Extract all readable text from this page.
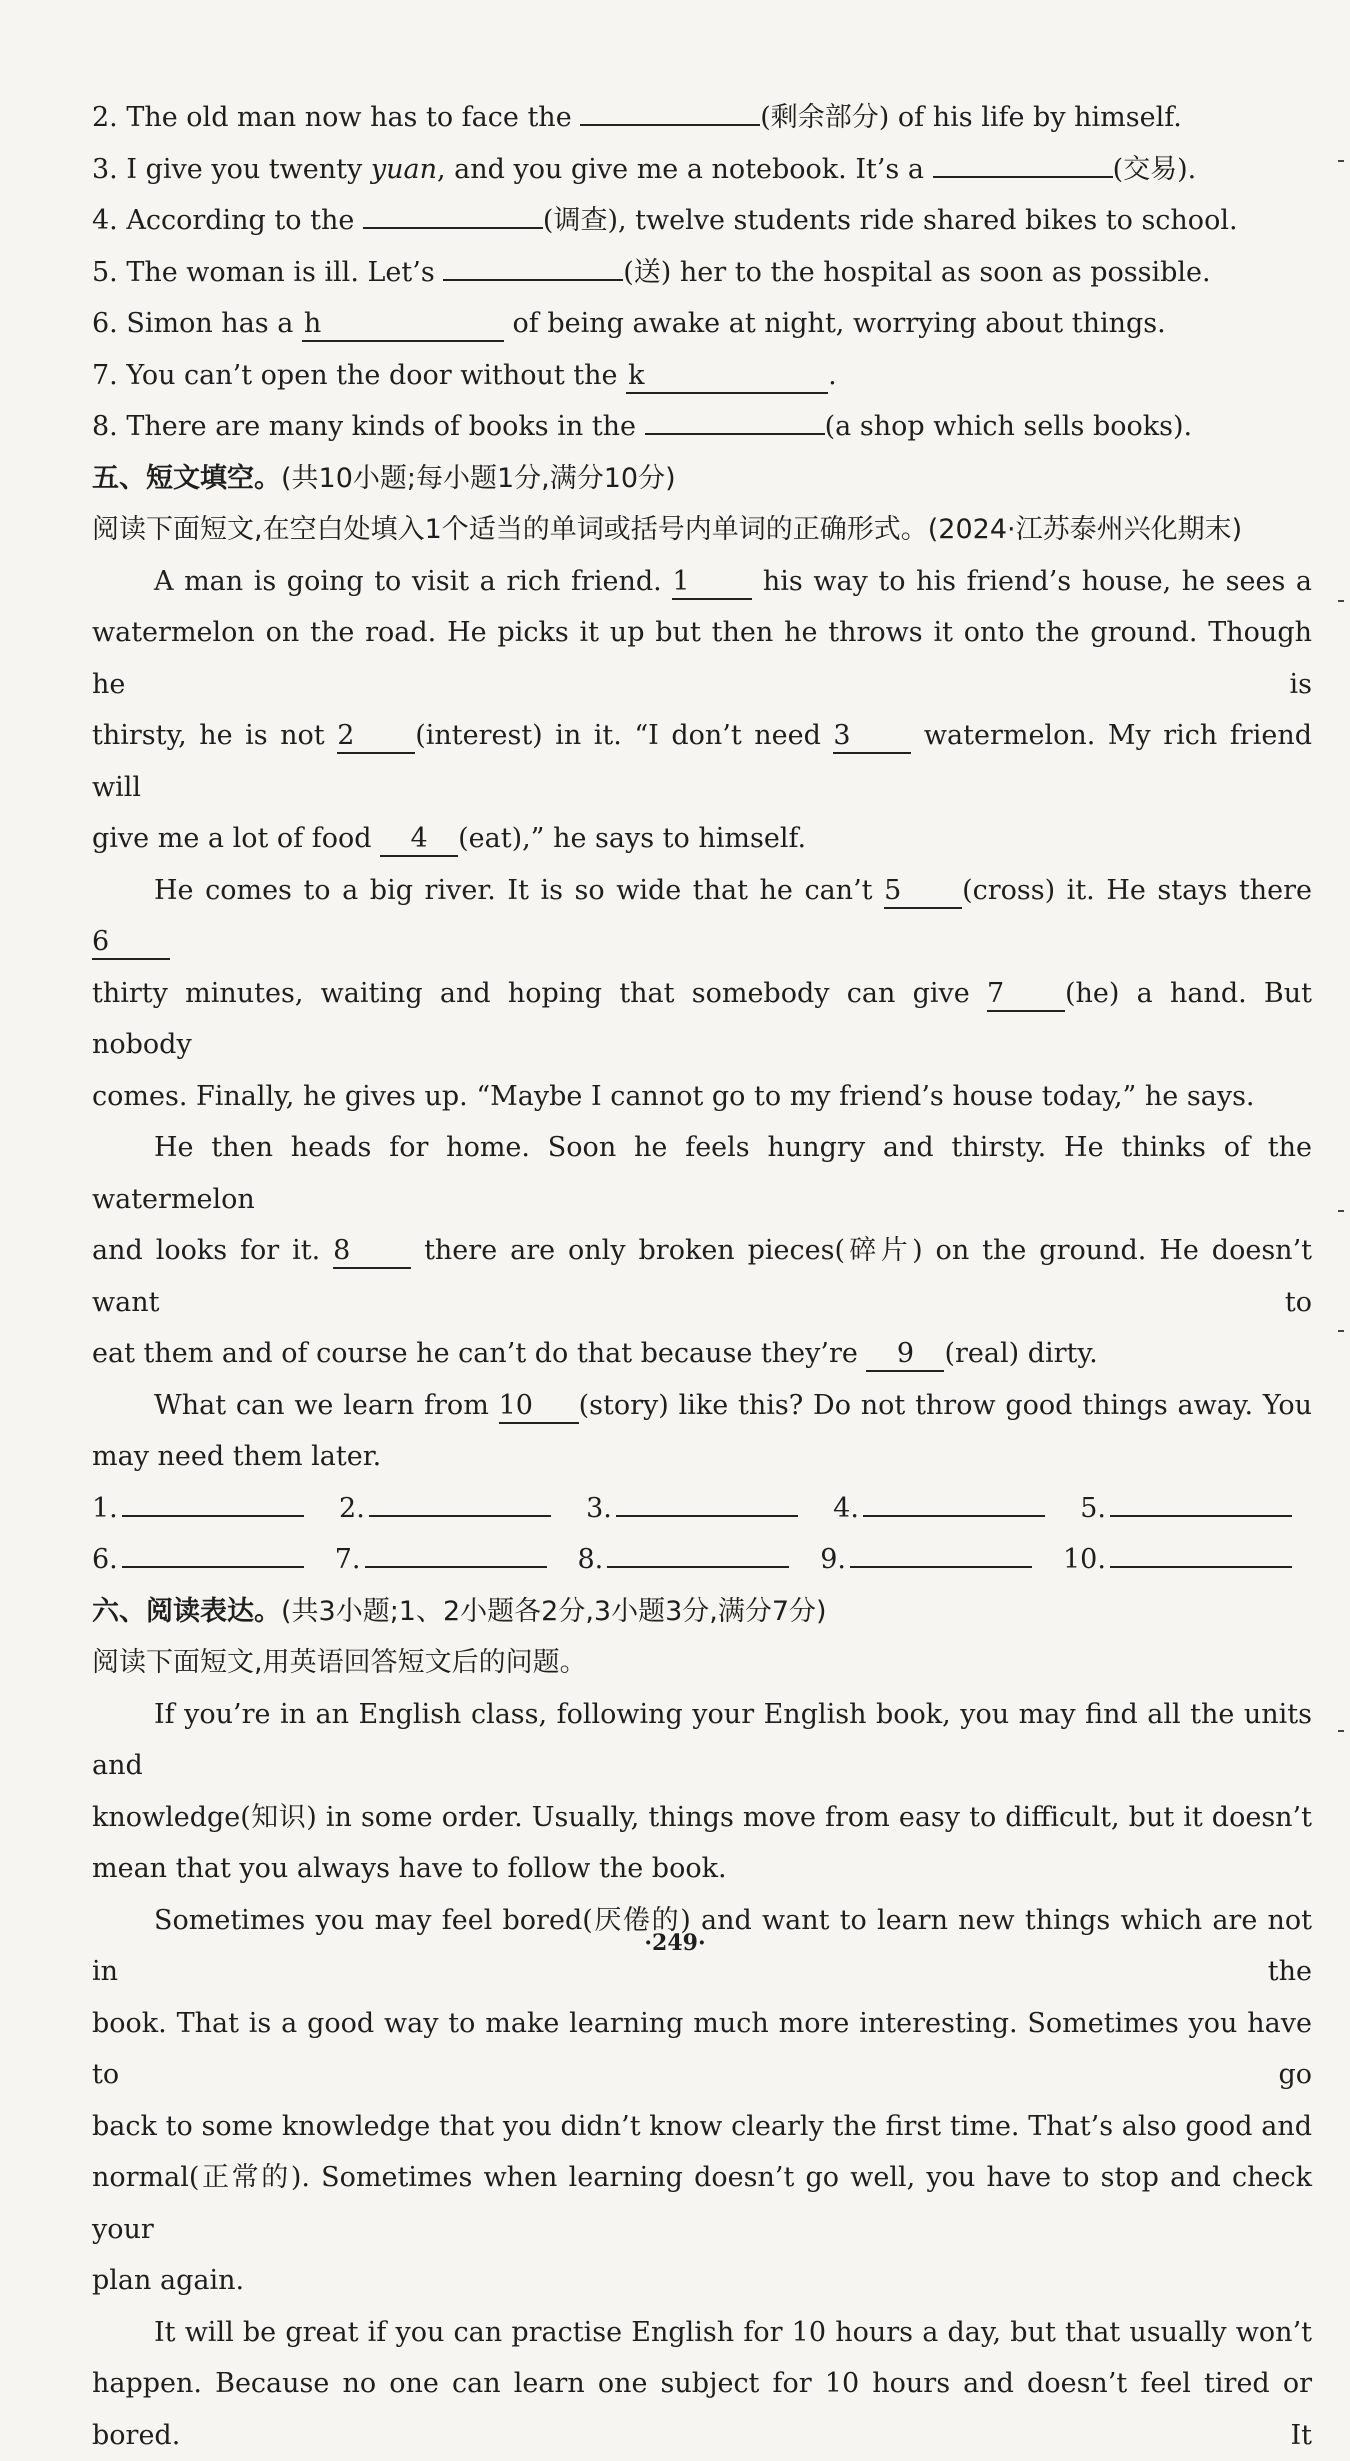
2. The old man now has to face the	(剩余部分) of his life by himself.
3. I give you twenty yuan, and you give me a notebook. It’s a	(交易).
4. According to the	(调查), twelve students ride shared bikes to school.
5. The woman is ill. Let’s	(送) her to the hospital as soon as possible.
6. Simon has a h	of being awake at night, worrying about things.
7. You can’t open the door without the k	.
8. There are many kinds of books in the	(a shop which sells books).
五、短文填空。(共10小题;每小题1分,满分10分)
阅读下面短文,在空白处填入1个适当的单词或括号内单词的正确形式。(2024·江苏泰州兴化期末)
A man is going to visit a rich friend. 1 his way to his friend’s house, he sees a
watermelon on the road. He picks it up but then he throws it onto the ground. Though he is
thirsty, he is not 2 (interest) in it. “I don’t need 3 watermelon. My rich friend will
give me a lot of food 4 (eat),” he says to himself.
He comes to a big river. It is so wide that he can’t 5 (cross) it. He stays there 6
thirty minutes, waiting and hoping that somebody can give 7 (he) a hand. But nobody
comes. Finally, he gives up. “Maybe I cannot go to my friend’s house today,” he says.
He then heads for home. Soon he feels hungry and thirsty. He thinks of the watermelon
and looks for it. 8 there are only broken pieces(碎片) on the ground. He doesn’t want to
eat them and of course he can’t do that because they’re 9 (real) dirty.
What can we learn from 10 (story) like this? Do not throw good things away. You
may need them later.
1.	2.	3.	4.	5.
6.	7.	8.	9.	10.
六、阅读表达。(共3小题;1、2小题各2分,3小题3分,满分7分)
阅读下面短文,用英语回答短文后的问题。
If you’re in an English class, following your English book, you may find all the units and
knowledge(知识) in some order. Usually, things move from easy to difficult, but it doesn’t
mean that you always have to follow the book.
Sometimes you may feel bored(厌倦的) and want to learn new things which are not in the
book. That is a good way to make learning much more interesting. Sometimes you have to go
back to some knowledge that you didn’t know clearly the first time. That’s also good and
normal(正常的). Sometimes when learning doesn’t go well, you have to stop and check your
plan again.
It will be great if you can practise English for 10 hours a day, but that usually won’t
happen. Because no one can learn one subject for 10 hours and doesn’t feel tired or bored. It
·249·
